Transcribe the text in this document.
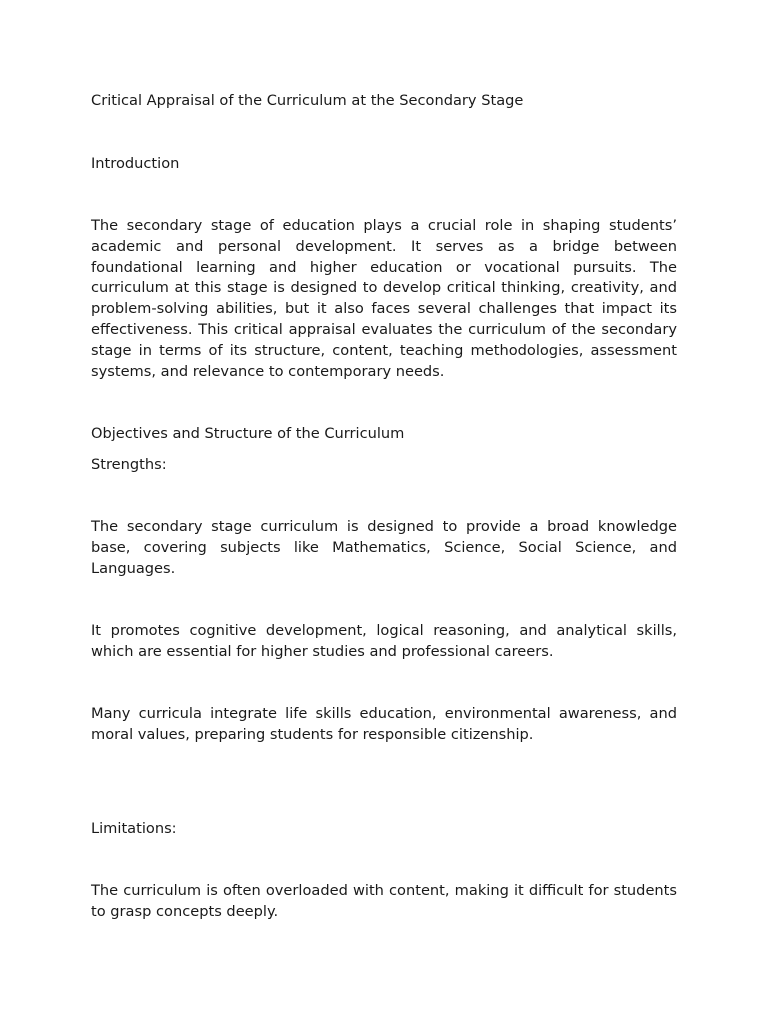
Critical Appraisal of the Curriculum at the Secondary Stage

Introduction

The secondary stage of education plays a crucial role in shaping students’ academic and personal development. It serves as a bridge between foundational learning and higher education or vocational pursuits. The curriculum at this stage is designed to develop critical thinking, creativity, and problem-solving abilities, but it also faces several challenges that impact its effectiveness. This critical appraisal evaluates the curriculum of the secondary stage in terms of its structure, content, teaching methodologies, assessment systems, and relevance to contemporary needs.

Objectives and Structure of the Curriculum

Strengths:

The secondary stage curriculum is designed to provide a broad knowledge base, covering subjects like Mathematics, Science, Social Science, and Languages.

It promotes cognitive development, logical reasoning, and analytical skills, which are essential for higher studies and professional careers.

Many curricula integrate life skills education, environmental awareness, and moral values, preparing students for responsible citizenship.

Limitations:

The curriculum is often overloaded with content, making it difficult for students to grasp concepts deeply.
